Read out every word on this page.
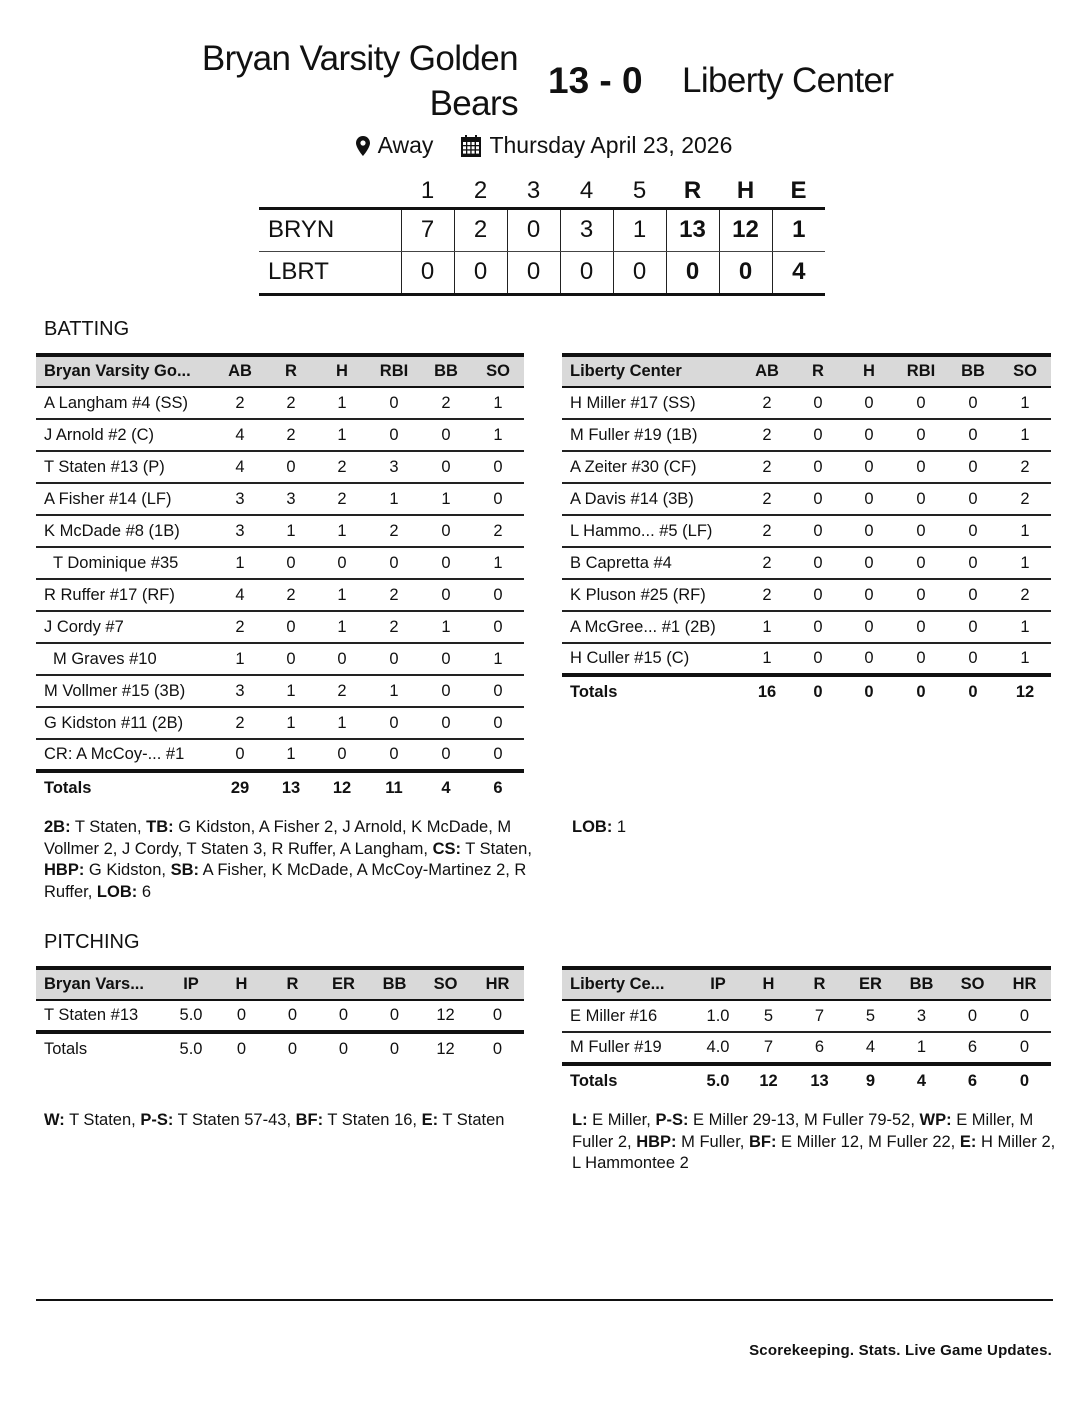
Bryan Varsity Golden Bears
13 - 0 Liberty Center
Away Thursday April 23, 2026
	1	2	3	4	5	R	H	E
BRYN	7	2	0	3	1	13	12	1
LBRT	0	0	0	0	0	0	0	4
BATTING
Bryan Varsity Go...	AB	R	H	RBI	BB	SO
A Langham #4 (SS)	2	2	1	0	2	1
J Arnold #2 (C)	4	2	1	0	0	1
T Staten #13 (P)	4	0	2	3	0	0
A Fisher #14 (LF)	3	3	2	1	1	0
K McDade #8 (1B)	3	1	1	2	0	2
T Dominique #35	1	0	0	0	0	1
R Ruffer #17 (RF)	4	2	1	2	0	0
J Cordy #7	2	0	1	2	1	0
M Graves #10	1	0	0	0	0	1
M Vollmer #15 (3B)	3	1	2	1	0	0
G Kidston #11 (2B)	2	1	1	0	0	0
CR: A McCoy-... #1	0	1	0	0	0	0
Totals	29	13	12	11	4	6
Liberty Center	AB	R	H	RBI	BB	SO
H Miller #17 (SS)	2	0	0	0	0	1
M Fuller #19 (1B)	2	0	0	0	0	1
A Zeiter #30 (CF)	2	0	0	0	0	2
A Davis #14 (3B)	2	0	0	0	0	2
L Hammo... #5 (LF)	2	0	0	0	0	1
B Capretta #4	2	0	0	0	0	1
K Pluson #25 (RF)	2	0	0	0	0	2
A McGree... #1 (2B)	1	0	0	0	0	1
H Culler #15 (C)	1	0	0	0	0	1
Totals	16	0	0	0	0	12
2B: T Staten, TB: G Kidston, A Fisher 2, J Arnold, K McDade, M Vollmer 2, J Cordy, T Staten 3, R Ruffer, A Langham, CS: T Staten, HBP: G Kidston, SB: A Fisher, K McDade, A McCoy-Martinez 2, R Ruffer, LOB: 6
LOB: 1
PITCHING
Bryan Vars...	IP	H	R	ER	BB	SO	HR
T Staten #13	5.0	0	0	0	0	12	0
Totals	5.0	0	0	0	0	12	0
Liberty Ce...	IP	H	R	ER	BB	SO	HR
E Miller #16	1.0	5	7	5	3	0	0
M Fuller #19	4.0	7	6	4	1	6	0
Totals	5.0	12	13	9	4	6	0
W: T Staten, P-S: T Staten 57-43, BF: T Staten 16, E: T Staten	L: E Miller, P-S: E Miller 29-13, M Fuller 79-52, WP: E Miller, M Fuller 2, HBP: M Fuller, BF: E Miller 12, M Fuller 22, E: H Miller 2, L Hammontee 2
Scorekeeping. Stats. Live Game Updates.
